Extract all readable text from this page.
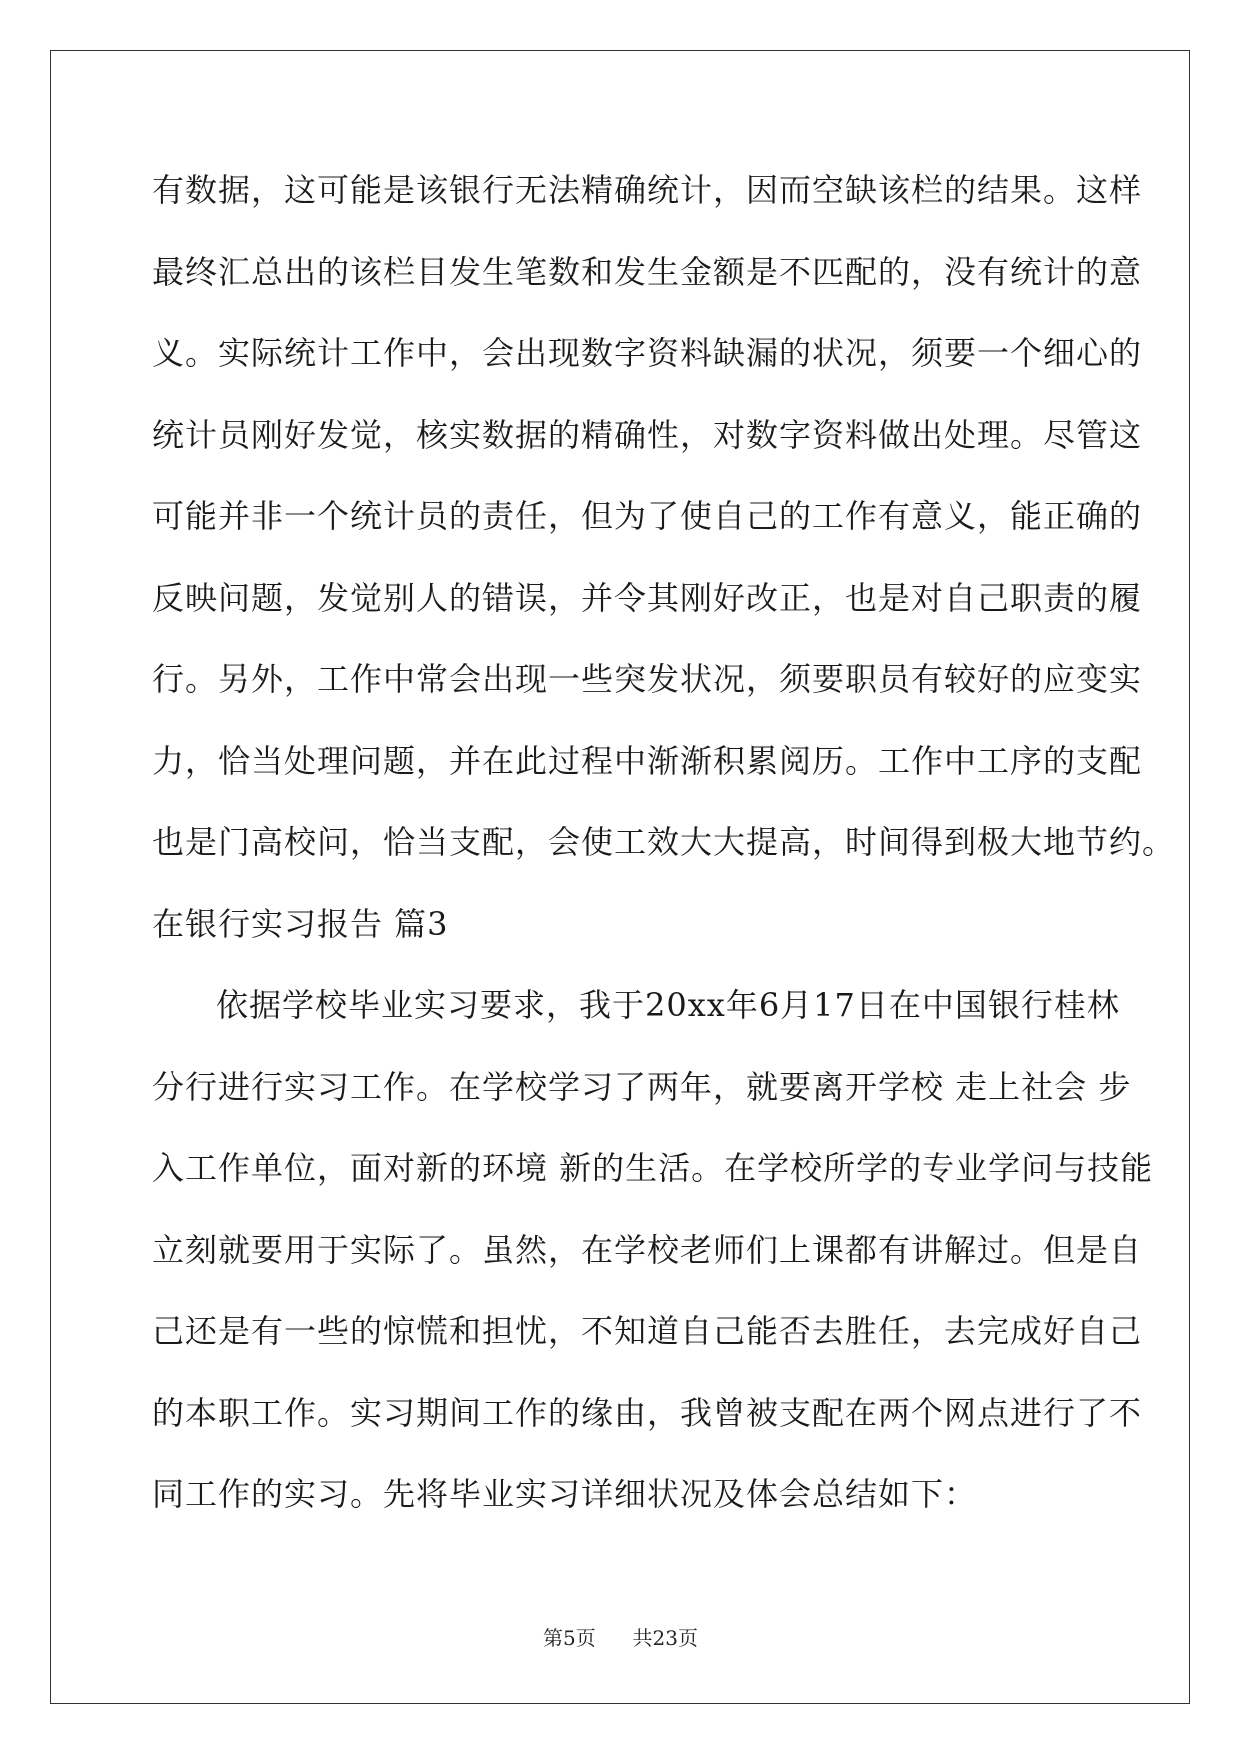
有数据，这可能是该银行无法精确统计，因而空缺该栏的结果。这样
最终汇总出的该栏目发生笔数和发生金额是不匹配的，没有统计的意
义。实际统计工作中，会出现数字资料缺漏的状况，须要一个细心的
统计员刚好发觉，核实数据的精确性，对数字资料做出处理。尽管这
可能并非一个统计员的责任，但为了使自己的工作有意义，能正确的
反映问题，发觉别人的错误，并令其刚好改正，也是对自己职责的履
行。另外，工作中常会出现一些突发状况，须要职员有较好的应变实
力，恰当处理问题，并在此过程中渐渐积累阅历。工作中工序的支配
也是门高校问，恰当支配，会使工效大大提高，时间得到极大地节约。
在银行实习报告 篇3
依据学校毕业实习要求，我于20xx年6月17日在中国银行桂林
分行进行实习工作。在学校学习了两年，就要离开学校 走上社会 步
入工作单位，面对新的环境 新的生活。在学校所学的专业学问与技能
立刻就要用于实际了。虽然，在学校老师们上课都有讲解过。但是自
己还是有一些的惊慌和担忧，不知道自己能否去胜任，去完成好自己
的本职工作。实习期间工作的缘由，我曾被支配在两个网点进行了不
同工作的实习。先将毕业实习详细状况及体会总结如下：
第5页 共23页
